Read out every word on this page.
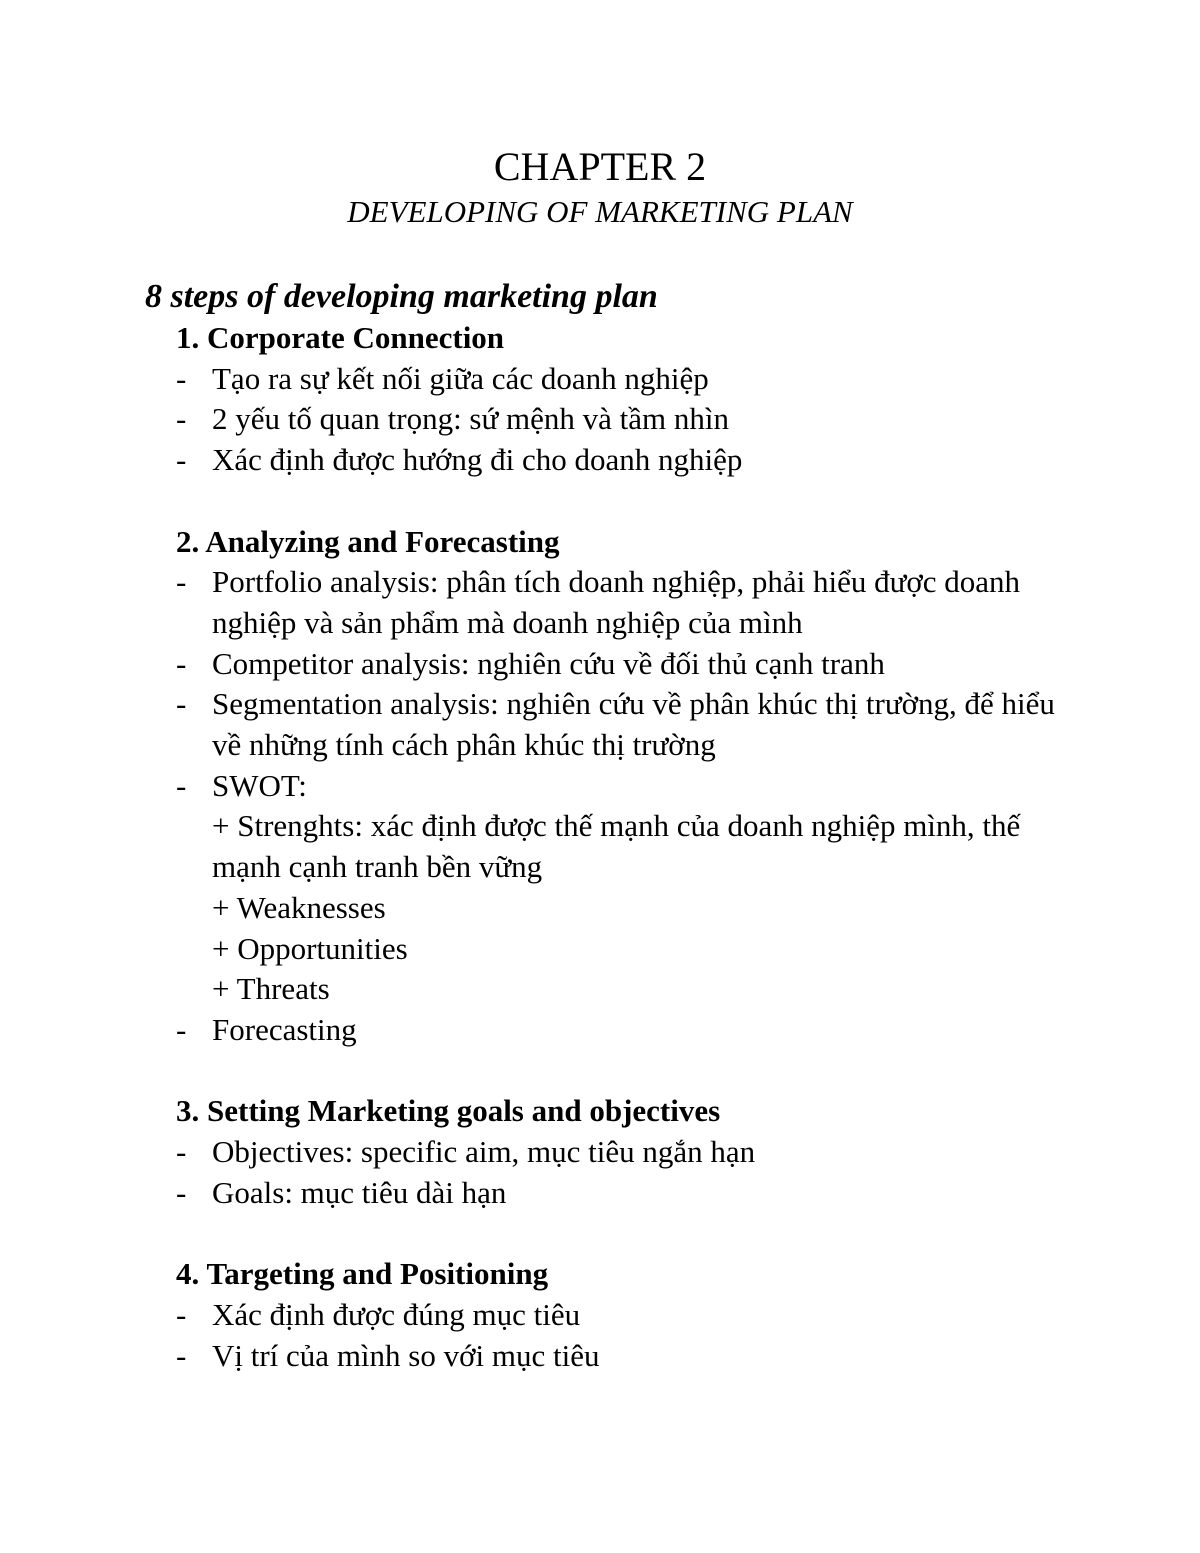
CHAPTER 2
DEVELOPING OF MARKETING PLAN
8 steps of developing marketing plan
1. Corporate Connection
- Tạo ra sự kết nối giữa các doanh nghiệp
- 2 yếu tố quan trọng: sứ mệnh và tầm nhìn
- Xác định được hướng đi cho doanh nghiệp
2. Analyzing and Forecasting
- Portfolio analysis: phân tích doanh nghiệp, phải hiểu được doanh nghiệp và sản phẩm mà doanh nghiệp của mình
- Competitor analysis: nghiên cứu về đối thủ cạnh tranh
- Segmentation analysis: nghiên cứu về phân khúc thị trường, để hiểu về những tính cách phân khúc thị trường
- SWOT:
+ Strenghts: xác định được thế mạnh của doanh nghiệp mình, thế mạnh cạnh tranh bền vững
+ Weaknesses
+ Opportunities
+ Threats
- Forecasting
3. Setting Marketing goals and objectives
- Objectives: specific aim, mục tiêu ngắn hạn
- Goals: mục tiêu dài hạn
4. Targeting and Positioning
- Xác định được đúng mục tiêu
- Vị trí của mình so với mục tiêu
